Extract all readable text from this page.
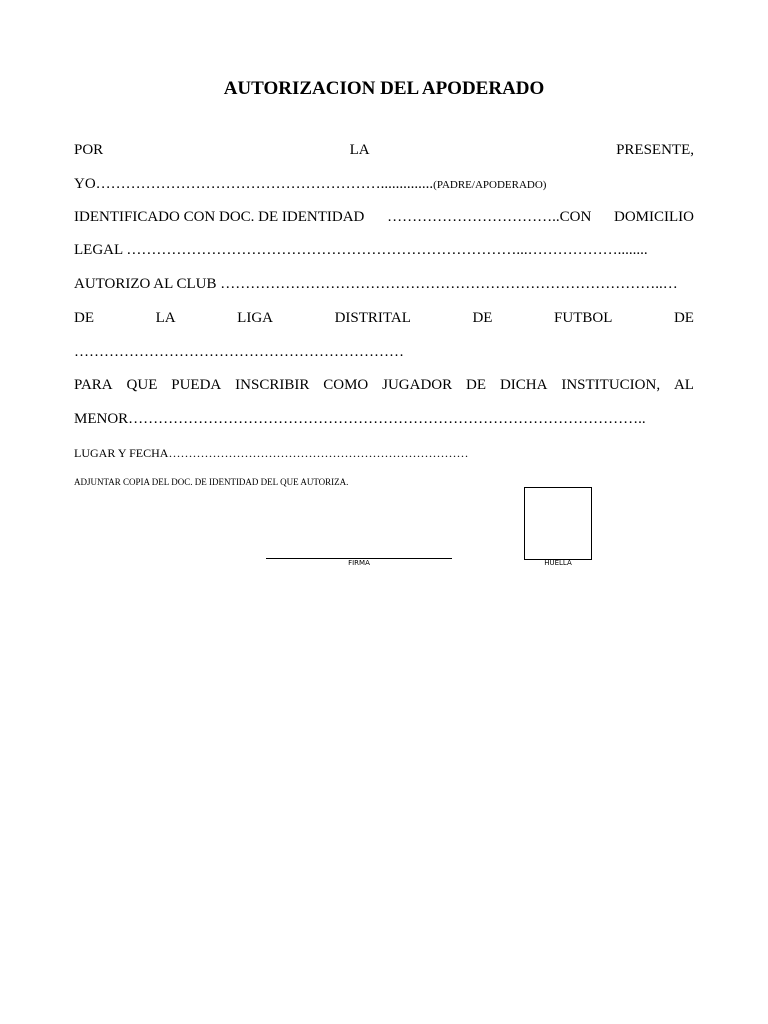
AUTORIZACION DEL APODERADO
POR	LA	PRESENTE,
YO…………………………………………………..............(PADRE/APODERADO)
IDENTIFICADO CON DOC. DE IDENTIDAD ……………………………..CON DOMICILIO
LEGAL ……………………………………………………………………...………………........
AUTORIZO AL CLUB ……………………………………………………………………………..…
DE	LA	LIGA	DISTRITAL	DE	FUTBOL	DE
…………………………………………………………
PARA QUE PUEDA INSCRIBIR COMO JUGADOR DE DICHA INSTITUCION, AL
MENOR…………………………………………………………………………………………..
LUGAR Y FECHA…………………………………………………………………
ADJUNTAR COPIA DEL DOC. DE IDENTIDAD DEL QUE AUTORIZA.
FIRMA	HUELLA
